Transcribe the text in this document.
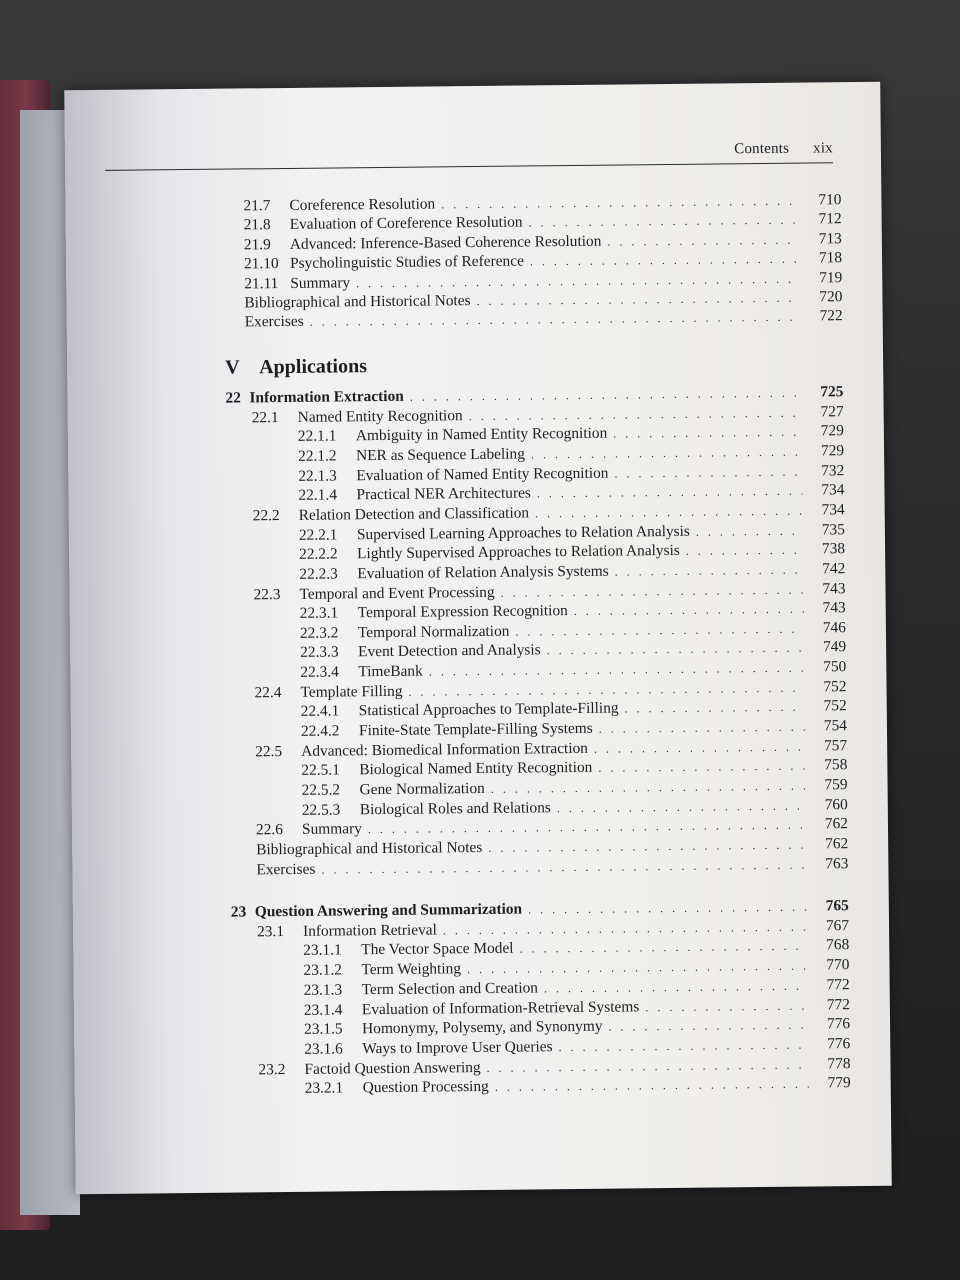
Contents xix
21.7	Coreference Resolution . . .	710
21.8	Evaluation of Coreference Resolution . . .	712
21.9	Advanced: Inference-Based Coherence Resolution . . .	713
21.10 Psycholinguistic Studies of Reference . . .	718
21.11 Summary . . .	719
Bibliographical and Historical Notes . . .	720
Exercises . . .	722
V Applications
22 Information Extraction . . .	725
22.1	Named Entity Recognition . . .	727
22.1.1	Ambiguity in Named Entity Recognition . . .	729
22.1.2	NER as Sequence Labeling . . .	729
22.1.3	Evaluation of Named Entity Recognition . . .	732
22.1.4	Practical NER Architectures . . .	734
22.2	Relation Detection and Classification . . .	734
22.2.1	Supervised Learning Approaches to Relation Analysis . . .	735
22.2.2	Lightly Supervised Approaches to Relation Analysis . . .	738
22.2.3	Evaluation of Relation Analysis Systems . . .	742
22.3	Temporal and Event Processing . . .	743
22.3.1	Temporal Expression Recognition . . .	743
22.3.2	Temporal Normalization . . .	746
22.3.3	Event Detection and Analysis . . .	749
22.3.4	TimeBank . . .	750
22.4	Template Filling . . .	752
22.4.1	Statistical Approaches to Template-Filling . . .	752
22.4.2	Finite-State Template-Filling Systems . . .	754
22.5	Advanced: Biomedical Information Extraction . . .	757
22.5.1	Biological Named Entity Recognition . . .	758
22.5.2	Gene Normalization . . .	759
22.5.3	Biological Roles and Relations . . .	760
22.6	Summary . . .	762
Bibliographical and Historical Notes . . .	762
Exercises . . .	763
23 Question Answering and Summarization . . .	765
23.1	Information Retrieval . . .	767
23.1.1	The Vector Space Model . . .	768
23.1.2	Term Weighting . . .	770
23.1.3	Term Selection and Creation . . .	772
23.1.4	Evaluation of Information-Retrieval Systems . . .	772
23.1.5	Homonymy, Polysemy, and Synonymy . . .	776
23.1.6	Ways to Improve User Queries . . .	776
23.2	Factoid Question Answering . . .	778
23.2.1	Question Processing . . .	779
